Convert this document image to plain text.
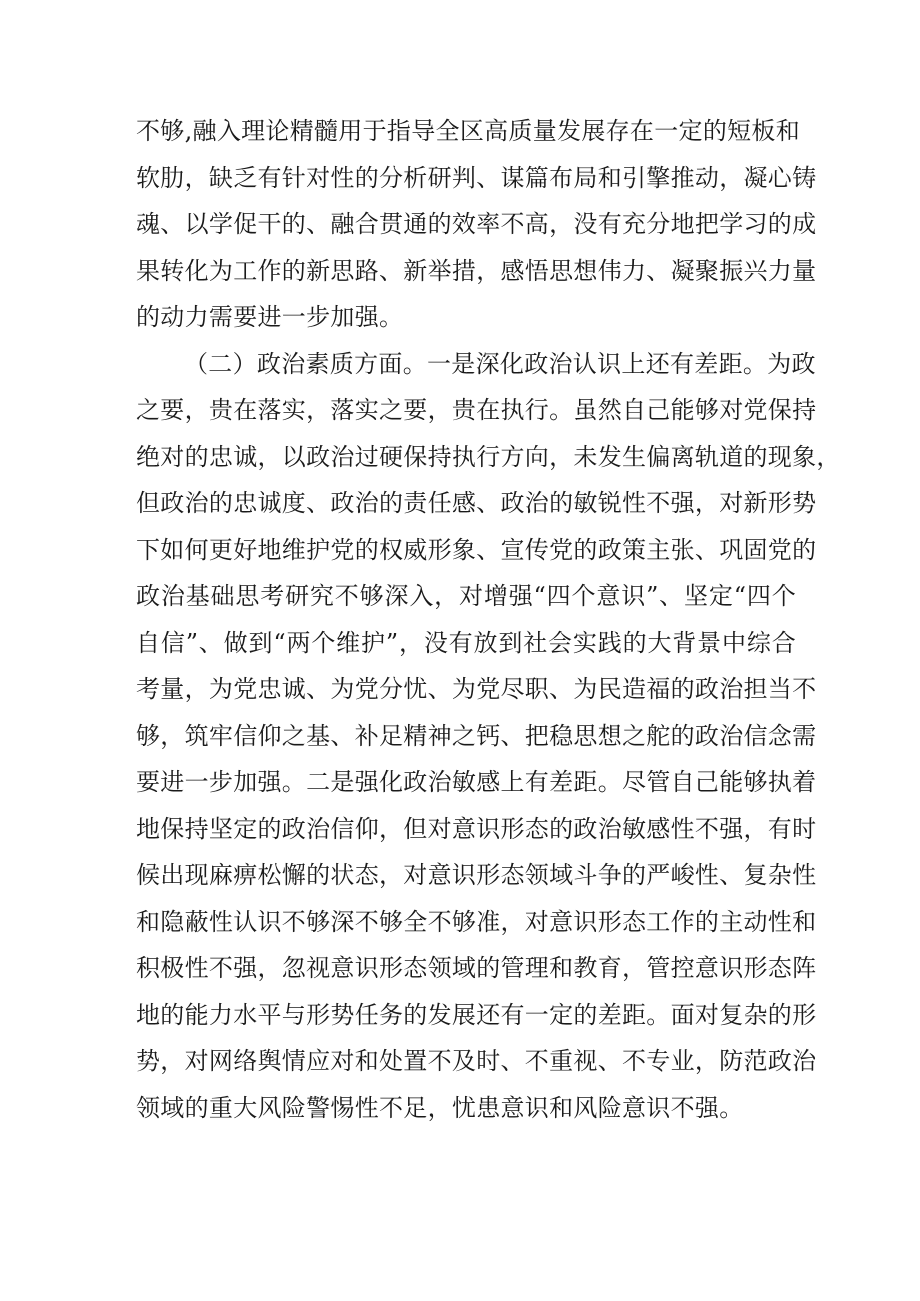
不够,融入理论精髓用于指导全区高质量发展存在一定的短板和
软肋，缺乏有针对性的分析研判、谋篇布局和引擎推动，凝心铸
魂、以学促干的、融合贯通的效率不高，没有充分地把学习的成
果转化为工作的新思路、新举措，感悟思想伟力、凝聚振兴力量
的动力需要进一步加强。
（二）政治素质方面。一是深化政治认识上还有差距。为政
之要，贵在落实，落实之要，贵在执行。虽然自己能够对党保持
绝对的忠诚，以政治过硬保持执行方向，未发生偏离轨道的现象，
但政治的忠诚度、政治的责任感、政治的敏锐性不强，对新形势
下如何更好地维护党的权威形象、宣传党的政策主张、巩固党的
政治基础思考研究不够深入，对增强“四个意识”、坚定“四个
自信”、做到“两个维护”，没有放到社会实践的大背景中综合
考量，为党忠诚、为党分忧、为党尽职、为民造福的政治担当不
够，筑牢信仰之基、补足精神之钙、把稳思想之舵的政治信念需
要进一步加强。二是强化政治敏感上有差距。尽管自己能够执着
地保持坚定的政治信仰，但对意识形态的政治敏感性不强，有时
候出现麻痹松懈的状态，对意识形态领域斗争的严峻性、复杂性
和隐蔽性认识不够深不够全不够准，对意识形态工作的主动性和
积极性不强，忽视意识形态领域的管理和教育，管控意识形态阵
地的能力水平与形势任务的发展还有一定的差距。面对复杂的形
势，对网络舆情应对和处置不及时、不重视、不专业，防范政治
领域的重大风险警惕性不足，忧患意识和风险意识不强。
